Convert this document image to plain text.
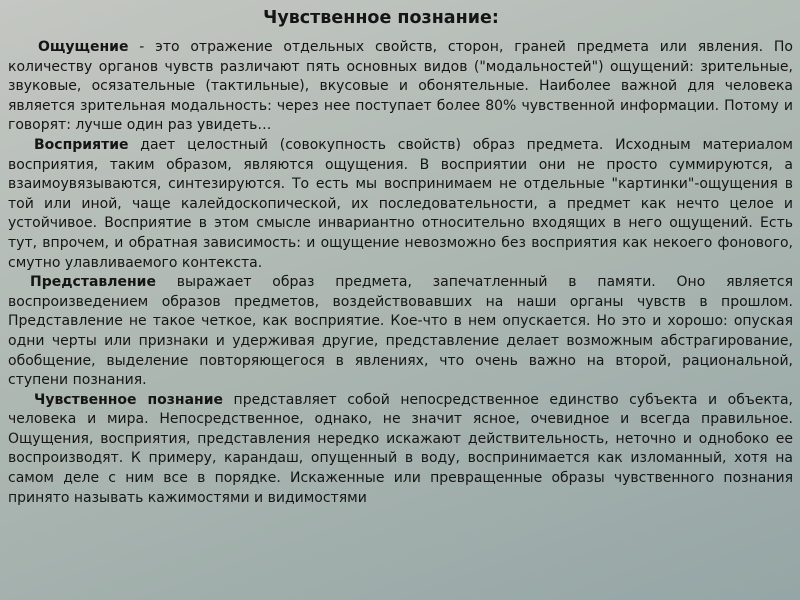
Чувственное познание:

Ощущение - это отражение отдельных свойств, сторон, граней предмета или явления. По количеству органов чувств различают пять основных видов ("модальностей") ощущений: зрительные, звуковые, осязательные (тактильные), вкусовые и обонятельные. Наиболее важной для человека является зрительная модальность: через нее поступает более 80% чувственной информации. Потому и говорят: лучше один раз увидеть…

Восприятие дает целостный (совокупность свойств) образ предмета. Исходным материалом восприятия, таким образом, являются ощущения. В восприятии они не просто суммируются, а взаимоувязываются, синтезируются. То есть мы воспринимаем не отдельные "картинки"-ощущения в той или иной, чаще калейдоскопической, их последовательности, а предмет как нечто целое и устойчивое. Восприятие в этом смысле инвариантно относительно входящих в него ощущений. Есть тут, впрочем, и обратная зависимость: и ощущение невозможно без восприятия как некоего фонового, смутно улавливаемого контекста.

Представление выражает образ предмета, запечатленный в памяти. Оно является воспроизведением образов предметов, воздействовавших на наши органы чувств в прошлом. Представление не такое четкое, как восприятие. Кое-что в нем опускается. Но это и хорошо: опуская одни черты или признаки и удерживая другие, представление делает возможным абстрагирование, обобщение, выделение повторяющегося в явлениях, что очень важно на второй, рациональной, ступени познания.

Чувственное познание представляет собой непосредственное единство субъекта и объекта, человека и мира. Непосредственное, однако, не значит ясное, очевидное и всегда правильное. Ощущения, восприятия, представления нередко искажают действительность, неточно и однобоко ее воспроизводят. К примеру, карандаш, опущенный в воду, воспринимается как изломанный, хотя на самом деле с ним все в порядке. Искаженные или превращенные образы чувственного познания принято называть кажимостями и видимостями
